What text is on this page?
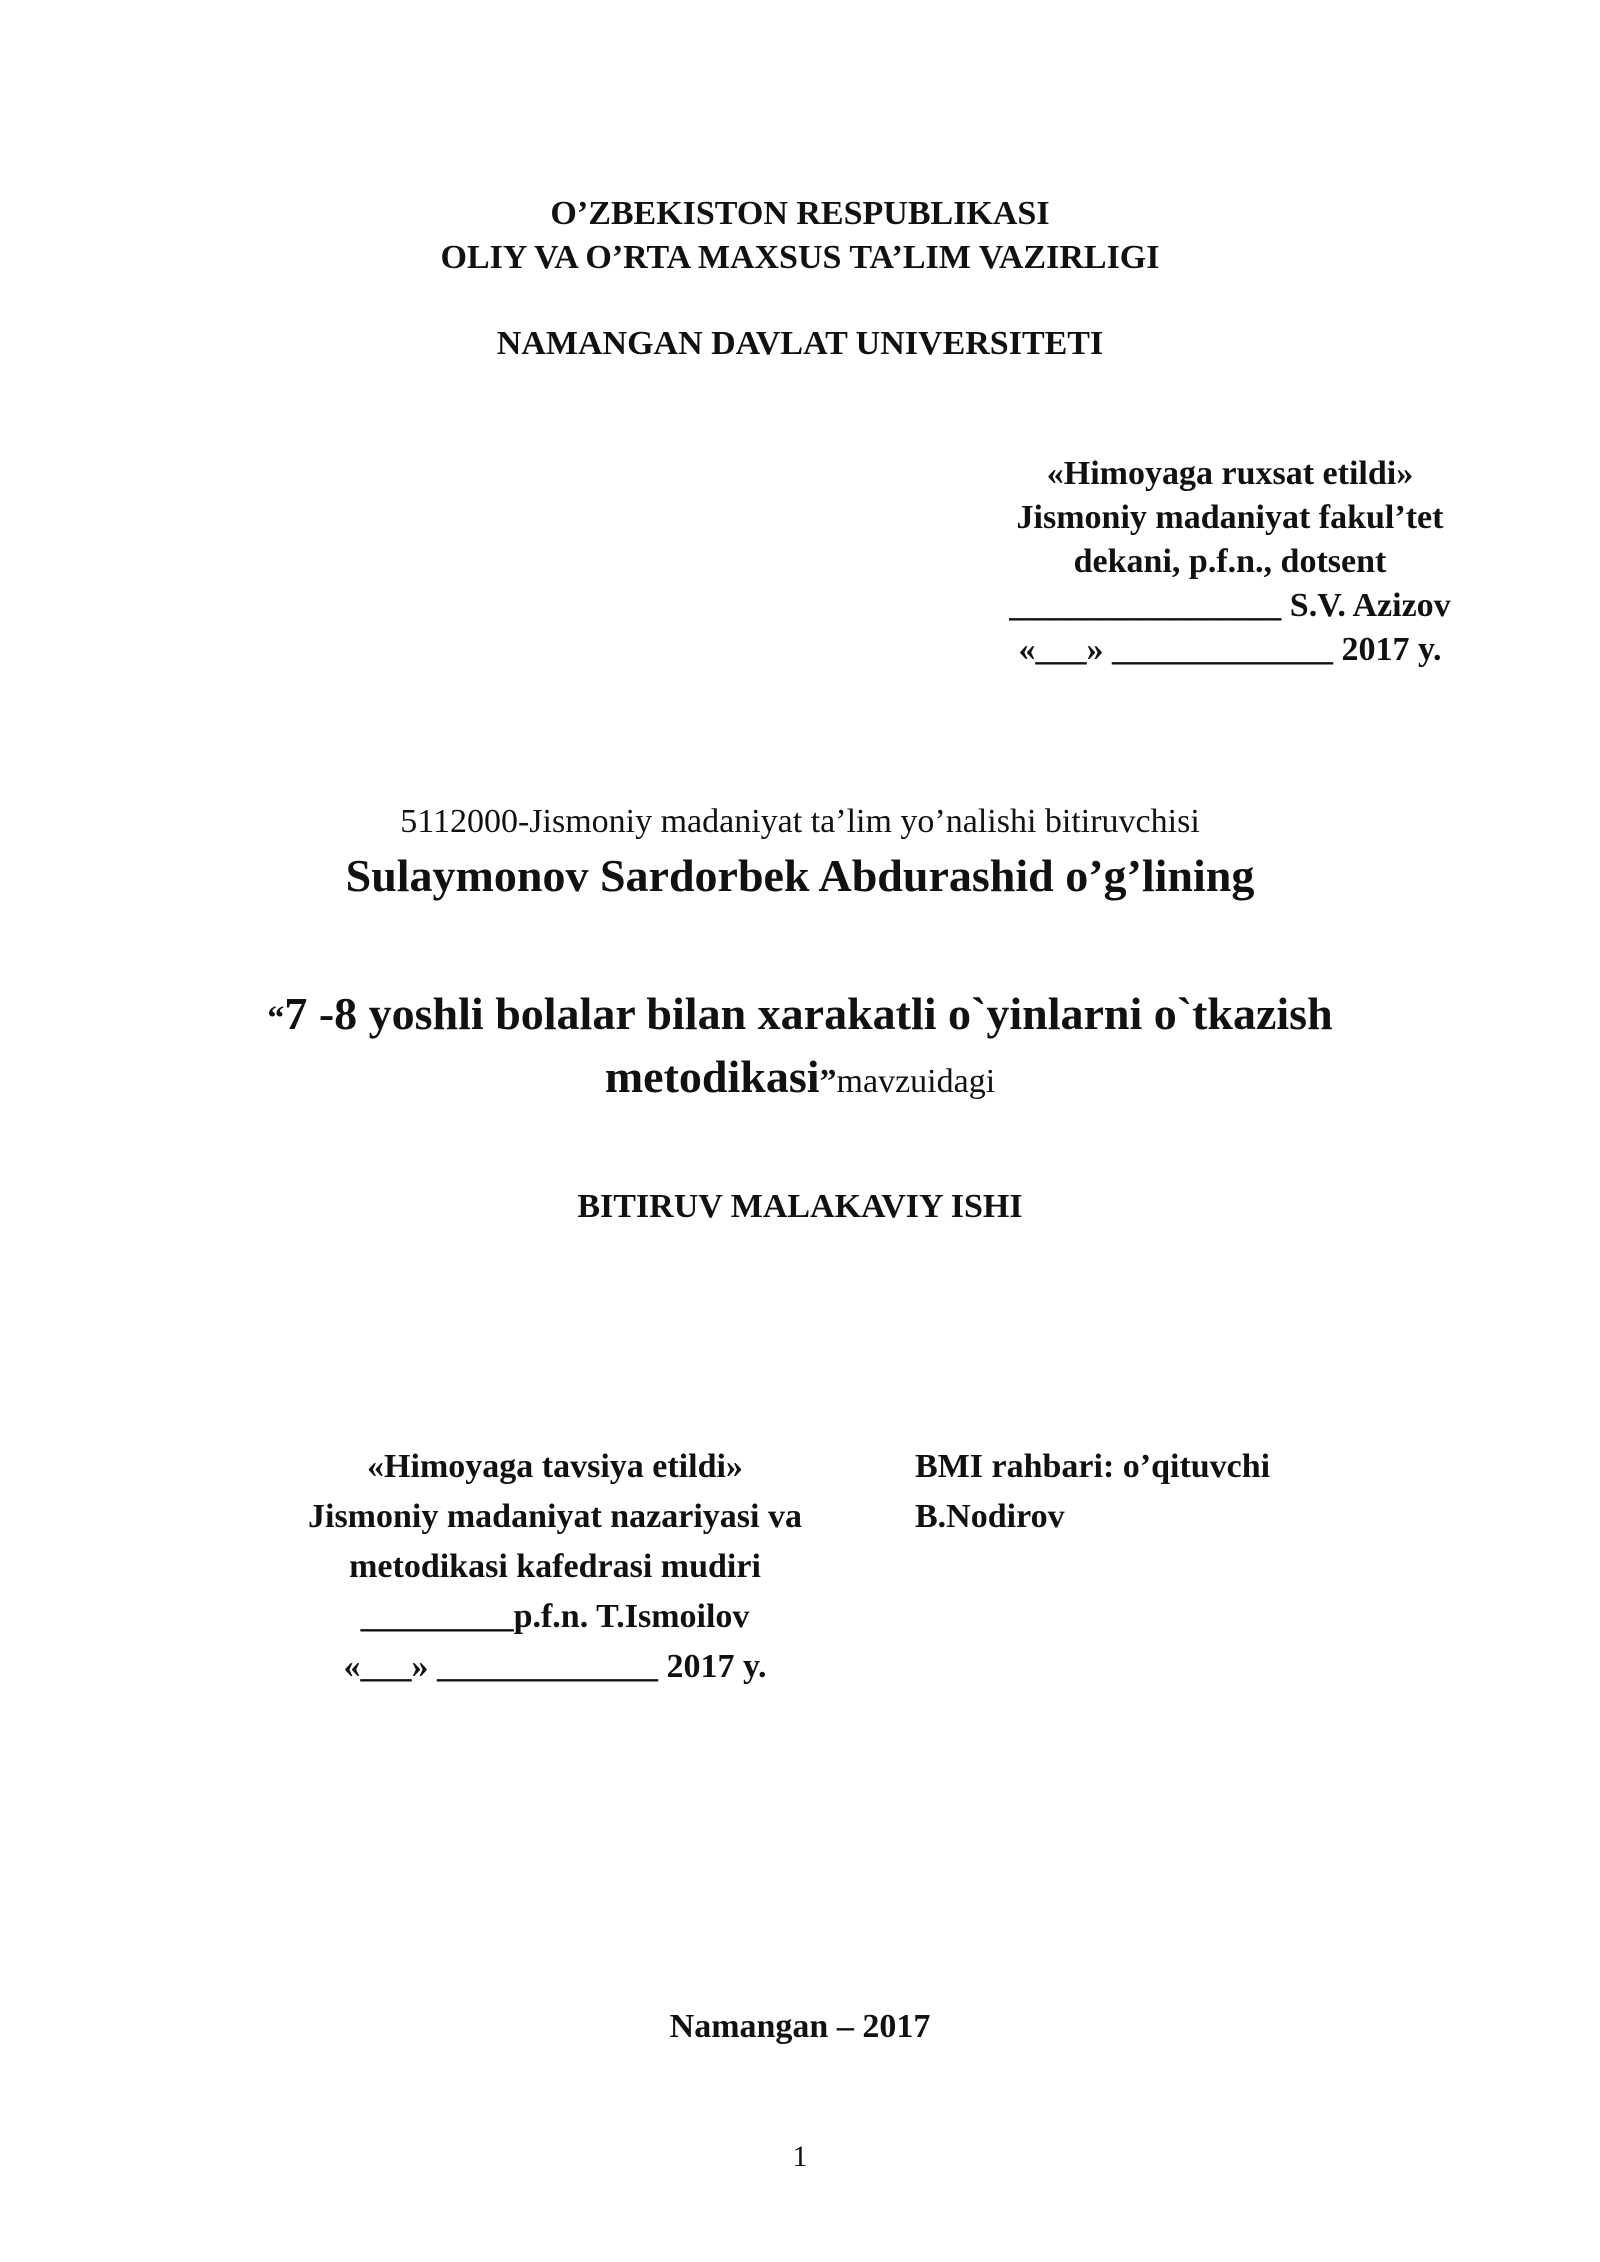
O’ZBEKISTON RESPUBLIKASI
OLIY VA O’RTA MAXSUS TA’LIM VAZIRLIGI
NAMANGAN DAVLAT UNIVERSITETI
«Himoyaga ruxsat etildi»
Jismoniy madaniyat fakul’tet
dekani, p.f.n., dotsent
________________ S.V. Azizov
«___» _____________ 2017 y.
5112000-Jismoniy madaniyat ta’lim yo’nalishi bitiruvchisi
Sulaymonov Sardorbek Abdurashid o’g’lining
“7 -8 yoshli bolalar bilan xarakatli o`yinlarni o`tkazish
metodikasi”mavzuidagi
BITIRUV MALAKAVIY ISHI
«Himoyaga tavsiya etildi»
Jismoniy madaniyat nazariyasi va
metodikasi kafedrasi mudiri
_________p.f.n. T.Ismoilov
«___» _____________ 2017 y.
BMI rahbari: o’qituvchi
B.Nodirov
Namangan – 2017
1
